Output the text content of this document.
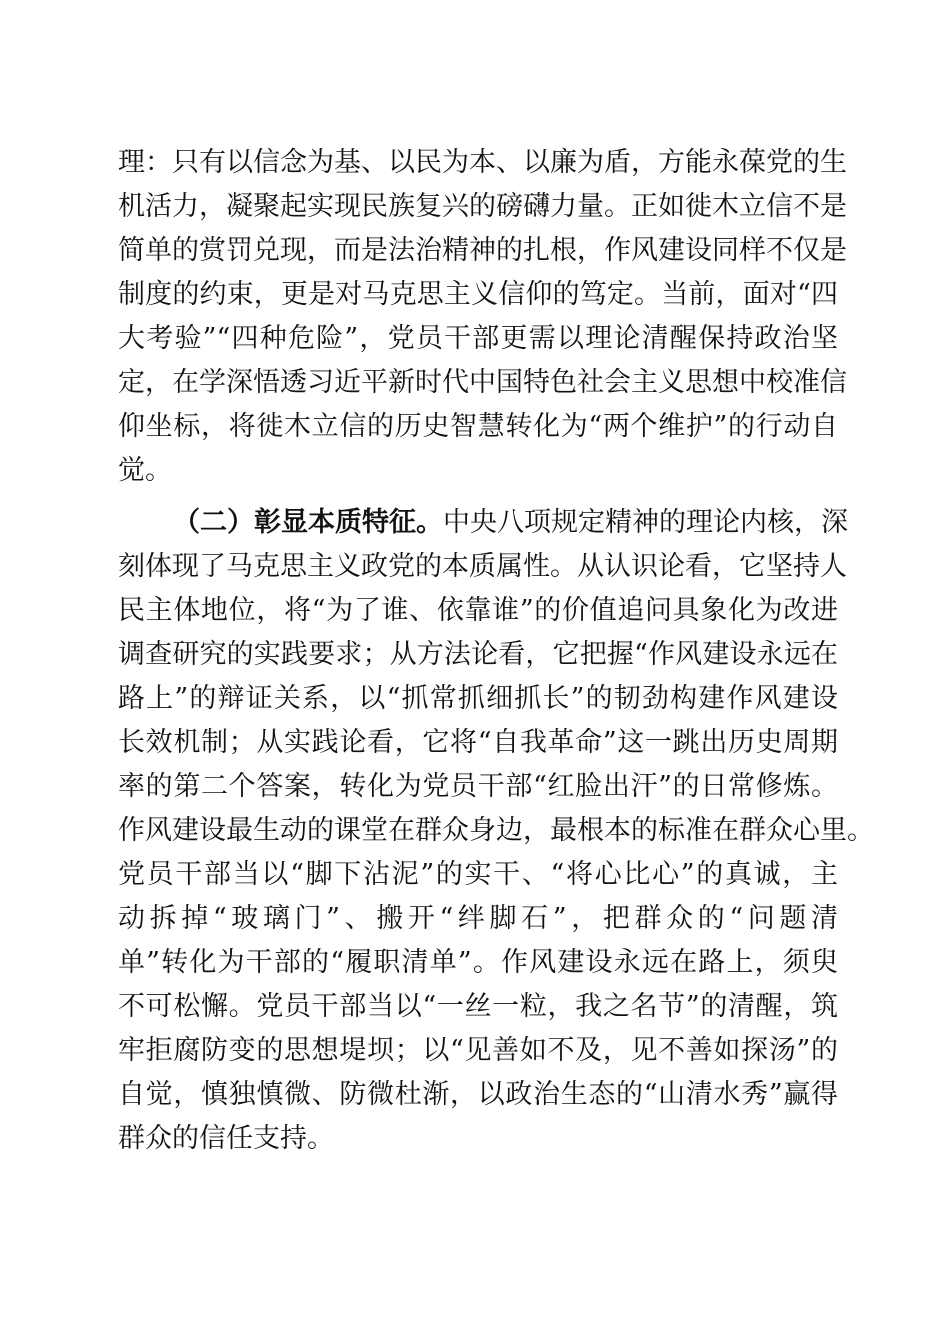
理：只有以信念为基、以民为本、以廉为盾，方能永葆党的生
机活力，凝聚起实现民族复兴的磅礴力量。正如徙木立信不是
简单的赏罚兑现，而是法治精神的扎根，作风建设同样不仅是
制度的约束，更是对马克思主义信仰的笃定。当前，面对“四
大考验”“四种危险”，党员干部更需以理论清醒保持政治坚
定，在学深悟透习近平新时代中国特色社会主义思想中校准信
仰坐标，将徙木立信的历史智慧转化为“两个维护”的行动自
觉。
（二）彰显本质特征。中央八项规定精神的理论内核，深
刻体现了马克思主义政党的本质属性。从认识论看，它坚持人
民主体地位，将“为了谁、依靠谁”的价值追问具象化为改进
调查研究的实践要求；从方法论看，它把握“作风建设永远在
路上”的辩证关系，以“抓常抓细抓长”的韧劲构建作风建设
长效机制；从实践论看，它将“自我革命”这一跳出历史周期
率的第二个答案，转化为党员干部“红脸出汗”的日常修炼。
作风建设最生动的课堂在群众身边，最根本的标准在群众心里。
党员干部当以“脚下沾泥”的实干、“将心比心”的真诚，主
动拆掉“玻璃门”、搬开“绊脚石”，把群众的“问题清
单”转化为干部的“履职清单”。作风建设永远在路上，须臾
不可松懈。党员干部当以“一丝一粒，我之名节”的清醒，筑
牢拒腐防变的思想堤坝；以“见善如不及，见不善如探汤”的
自觉，慎独慎微、防微杜渐，以政治生态的“山清水秀”赢得
群众的信任支持。
